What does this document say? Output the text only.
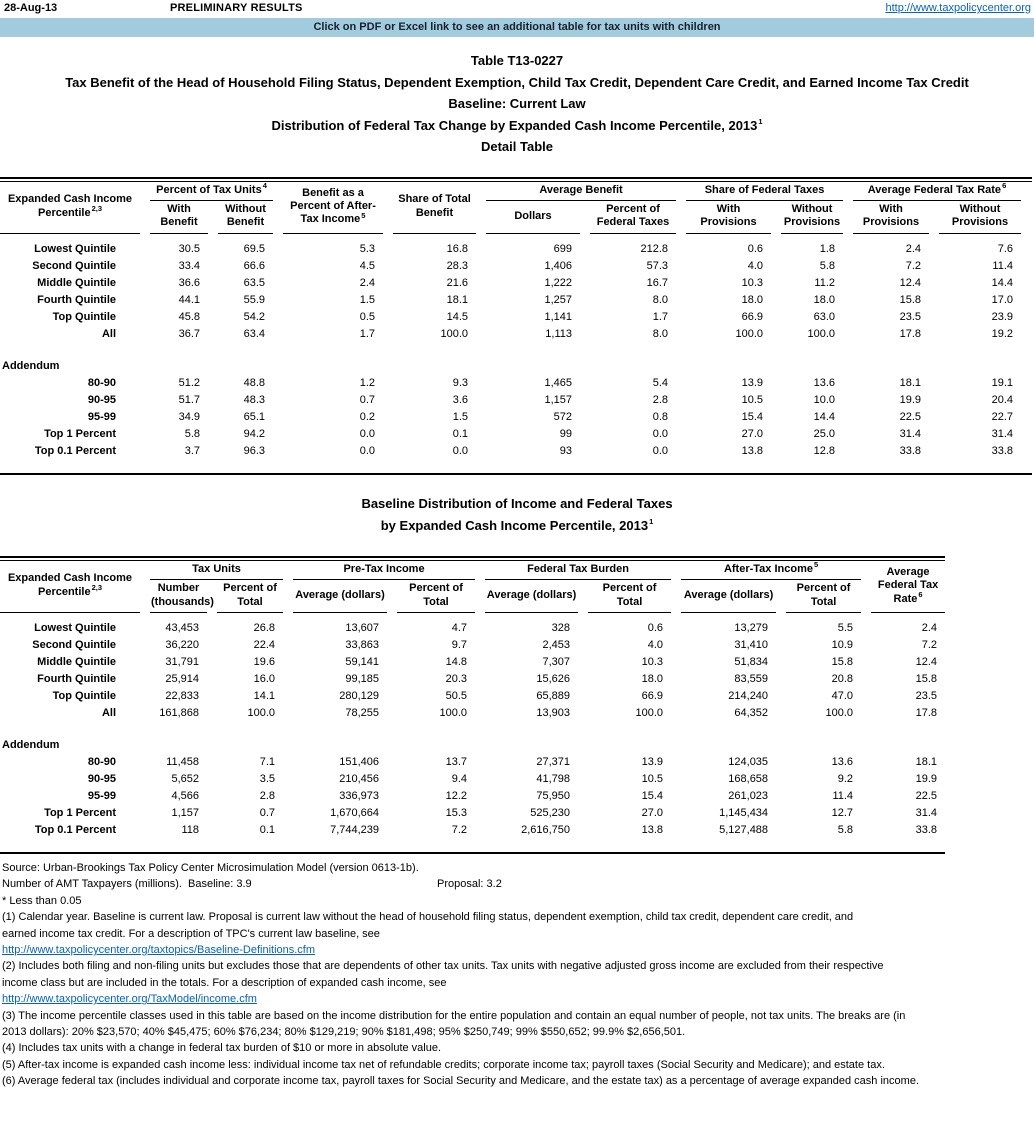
28-Aug-13	PRELIMINARY RESULTS	http://www.taxpolicycenter.org
Click on PDF or Excel link to see an additional table for tax units with children
Table T13-0227
Tax Benefit of the Head of Household Filing Status, Dependent Exemption, Child Tax Credit, Dependent Care Credit, and Earned Income Tax Credit
Baseline: Current Law
Distribution of Federal Tax Change by Expanded Cash Income Percentile, 2013$^1$
Detail Table
Expanded Cash Income Percentile$^{2,3}$	Percent of Tax Units$^4$		Benefit as a Percent of After-Tax Income$^5$	Share of Total Benefit	Average Benefit		Share of Federal Taxes		Average Federal Tax Rate$^6$
	With Benefit	Without Benefit			Dollars	Percent of Federal Taxes	With Provisions	Without Provisions	With Provisions	Without Provisions

Lowest Quintile	30.5	69.5	5.3	16.8	699	212.8	0.6	1.8	2.4	7.6
Second Quintile	33.4	66.6	4.5	28.3	1,406	57.3	4.0	5.8	7.2	11.4
Middle Quintile	36.6	63.5	2.4	21.6	1,222	16.7	10.3	11.2	12.4	14.4
Fourth Quintile	44.1	55.9	1.5	18.1	1,257	8.0	18.0	18.0	15.8	17.0
Top Quintile	45.8	54.2	0.5	14.5	1,141	1.7	66.9	63.0	23.5	23.9
All	36.7	63.4	1.7	100.0	1,113	8.0	100.0	100.0	17.8	19.2

Addendum										
80-90	51.2	48.8	1.2	9.3	1,465	5.4	13.9	13.6	18.1	19.1
90-95	51.7	48.3	0.7	3.6	1,157	2.8	10.5	10.0	19.9	20.4
95-99	34.9	65.1	0.2	1.5	572	0.8	15.4	14.4	22.5	22.7
Top 1 Percent	5.8	94.2	0.0	0.1	99	0.0	27.0	25.0	31.4	31.4
Top 0.1 Percent	3.7	96.3	0.0	0.0	93	0.0	13.8	12.8	33.8	33.8
Baseline Distribution of Income and Federal Taxes
by Expanded Cash Income Percentile, 2013$^1$
Expanded Cash Income Percentile$^{2,3}$	Tax Units		Pre-Tax Income		Federal Tax Burden		After-Tax Income$^5$		Average Federal Tax Rate$^6$
	Number (thousands)	Percent of Total	Average (dollars)	Percent of Total	Average (dollars)	Percent of Total	Average (dollars)	Percent of Total	

Lowest Quintile	43,453	26.8	13,607	4.7	328	0.6	13,279	5.5	2.4
Second Quintile	36,220	22.4	33,863	9.7	2,453	4.0	31,410	10.9	7.2
Middle Quintile	31,791	19.6	59,141	14.8	7,307	10.3	51,834	15.8	12.4
Fourth Quintile	25,914	16.0	99,185	20.3	15,626	18.0	83,559	20.8	15.8
Top Quintile	22,833	14.1	280,129	50.5	65,889	66.9	214,240	47.0	23.5
All	161,868	100.0	78,255	100.0	13,903	100.0	64,352	100.0	17.8

Addendum									
80-90	11,458	7.1	151,406	13.7	27,371	13.9	124,035	13.6	18.1
90-95	5,652	3.5	210,456	9.4	41,798	10.5	168,658	9.2	19.9
95-99	4,566	2.8	336,973	12.2	75,950	15.4	261,023	11.4	22.5
Top 1 Percent	1,157	0.7	1,670,664	15.3	525,230	27.0	1,145,434	12.7	31.4
Top 0.1 Percent	118	0.1	7,744,239	7.2	2,616,750	13.8	5,127,488	5.8	33.8
Source: Urban-Brookings Tax Policy Center Microsimulation Model (version 0613-1b).
Number of AMT Taxpayers (millions).  Baseline: 3.9	Proposal: 3.2
* Less than 0.05
(1) Calendar year. Baseline is current law. Proposal is current law without the head of household filing status, dependent exemption, child tax credit, dependent care credit, and
earned income tax credit. For a description of TPC's current law baseline, see
http://www.taxpolicycenter.org/taxtopics/Baseline-Definitions.cfm
(2) Includes both filing and non-filing units but excludes those that are dependents of other tax units. Tax units with negative adjusted gross income are excluded from their respective
income class but are included in the totals. For a description of expanded cash income, see
http://www.taxpolicycenter.org/TaxModel/income.cfm
(3) The income percentile classes used in this table are based on the income distribution for the entire population and contain an equal number of people, not tax units. The breaks are (in
2013 dollars): 20% $23,570; 40% $45,475; 60% $76,234; 80% $129,219; 90% $181,498; 95% $250,749; 99% $550,652; 99.9% $2,656,501.
(4) Includes tax units with a change in federal tax burden of $10 or more in absolute value.
(5) After-tax income is expanded cash income less: individual income tax net of refundable credits; corporate income tax; payroll taxes (Social Security and Medicare); and estate tax.
(6) Average federal tax (includes individual and corporate income tax, payroll taxes for Social Security and Medicare, and the estate tax) as a percentage of average expanded cash income.
